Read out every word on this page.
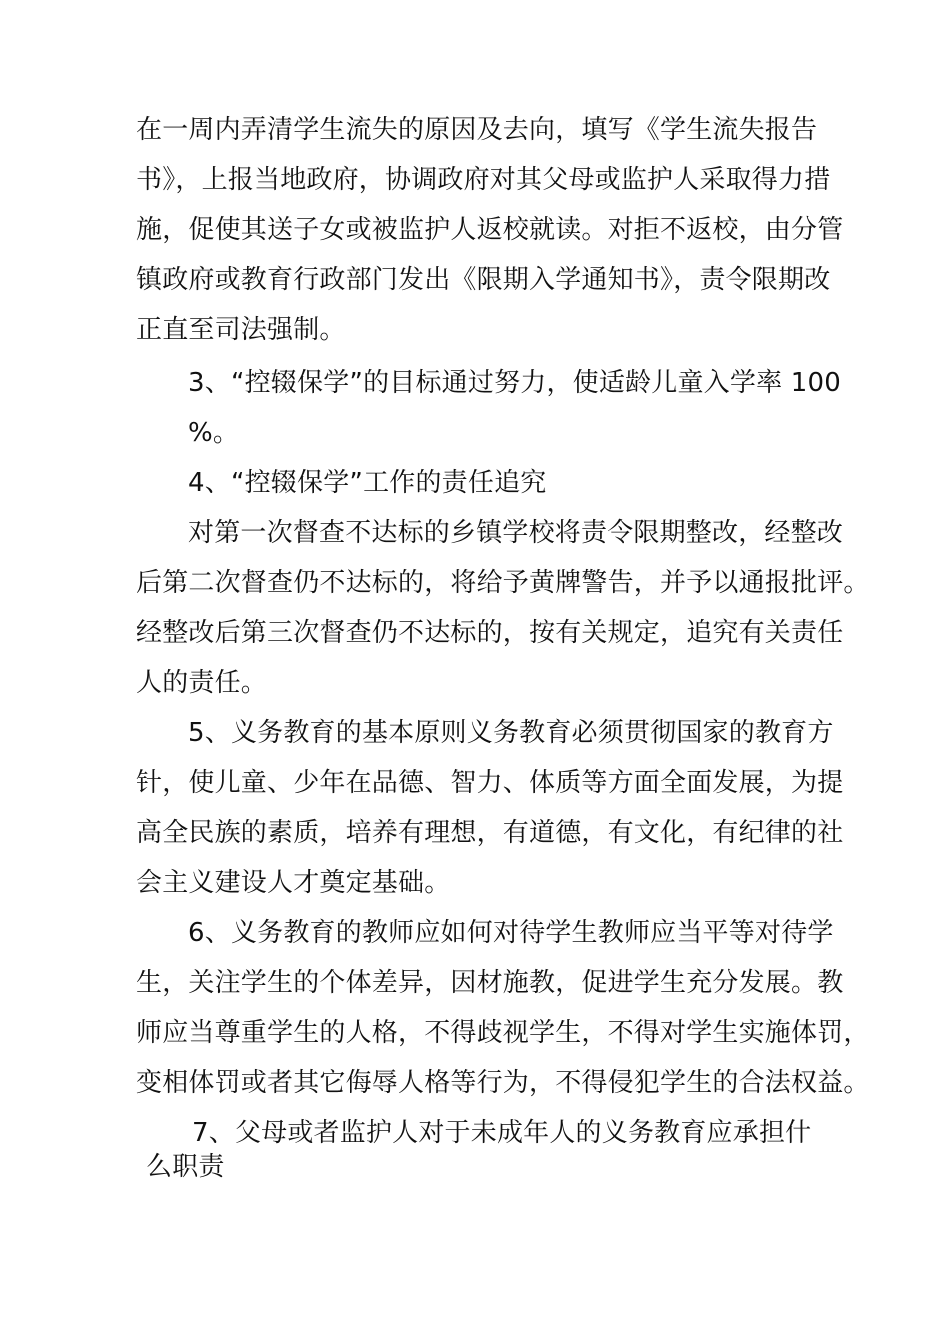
在一周内弄清学生流失的原因及去向，填写《学生流失报告
书》，上报当地政府，协调政府对其父母或监护人采取得力措
施，促使其送子女或被监护人返校就读。对拒不返校，由分管
镇政府或教育行政部门发出《限期入学通知书》，责令限期改
正直至司法强制。
3、“控辍保学”的目标通过努力，使适龄儿童入学率 100
%。
4、“控辍保学”工作的责任追究
对第一次督查不达标的乡镇学校将责令限期整改，经整改
后第二次督查仍不达标的，将给予黄牌警告，并予以通报批评。
经整改后第三次督查仍不达标的，按有关规定，追究有关责任
人的责任。
5、义务教育的基本原则义务教育必须贯彻国家的教育方
针，使儿童、少年在品德、智力、体质等方面全面发展，为提
高全民族的素质，培养有理想，有道德，有文化，有纪律的社
会主义建设人才奠定基础。
6、义务教育的教师应如何对待学生教师应当平等对待学
生，关注学生的个体差异，因材施教，促进学生充分发展。教
师应当尊重学生的人格，不得歧视学生，不得对学生实施体罚，
变相体罚或者其它侮辱人格等行为，不得侵犯学生的合法权益。
7、父母或者监护人对于未成年人的义务教育应承担什
么职责
